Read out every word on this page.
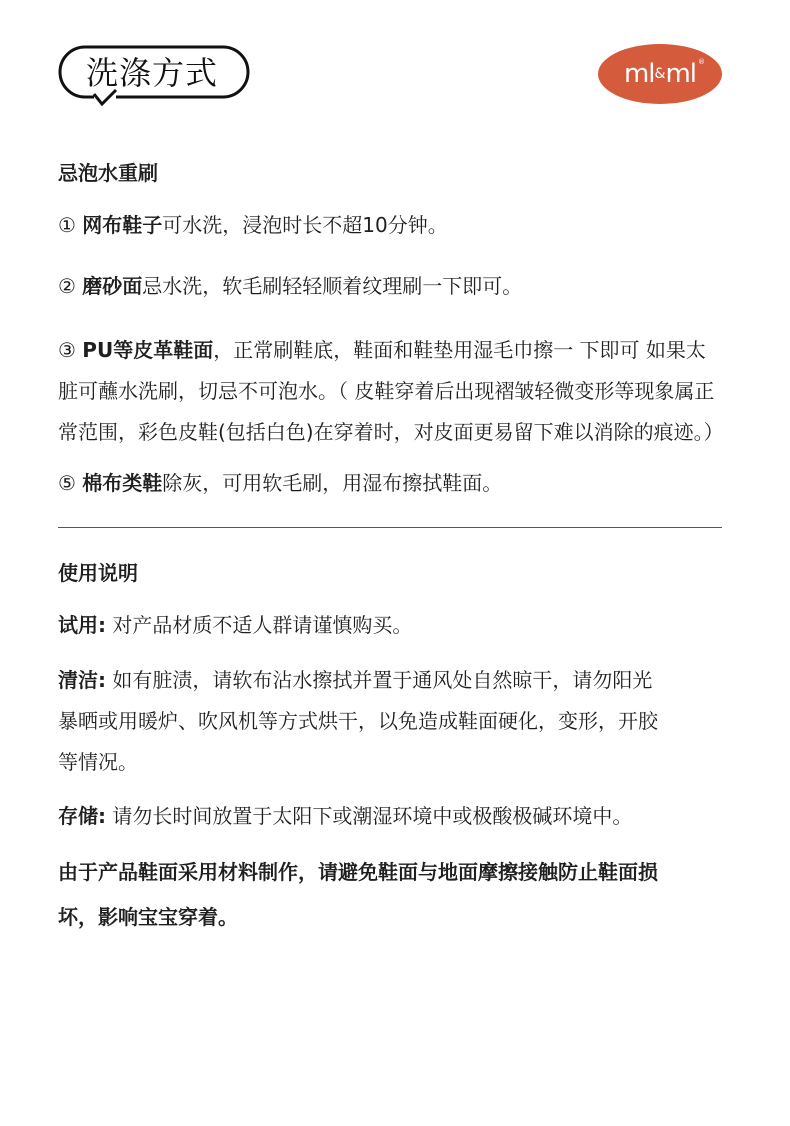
洗涤方式	ml&ml ®
忌泡水重刷
① 网布鞋子可水洗，浸泡时长不超10分钟。
② 磨砂面忌水洗，软毛刷轻轻顺着纹理刷一下即可。
③ PU等皮革鞋面，正常刷鞋底，鞋面和鞋垫用湿毛巾擦一 下即可 如果太脏可蘸水洗刷，切忌不可泡水。（ 皮鞋穿着后出现褶皱轻微变形等现象属正常范围，彩色皮鞋(包括白色)在穿着时，对皮面更易留下难以消除的痕迹。）
⑤ 棉布类鞋除灰，可用软毛刷，用湿布擦拭鞋面。
使用说明
试用: 对产品材质不适人群请谨慎购买。
清洁: 如有脏渍，请软布沾水擦拭并置于通风处自然晾干，请勿阳光暴晒或用暖炉、吹风机等方式烘干，以免造成鞋面硬化，变形，开胶等情况。
存储: 请勿长时间放置于太阳下或潮湿环境中或极酸极碱环境中。
由于产品鞋面采用材料制作，请避免鞋面与地面摩擦接触防止鞋面损坏，影响宝宝穿着。
